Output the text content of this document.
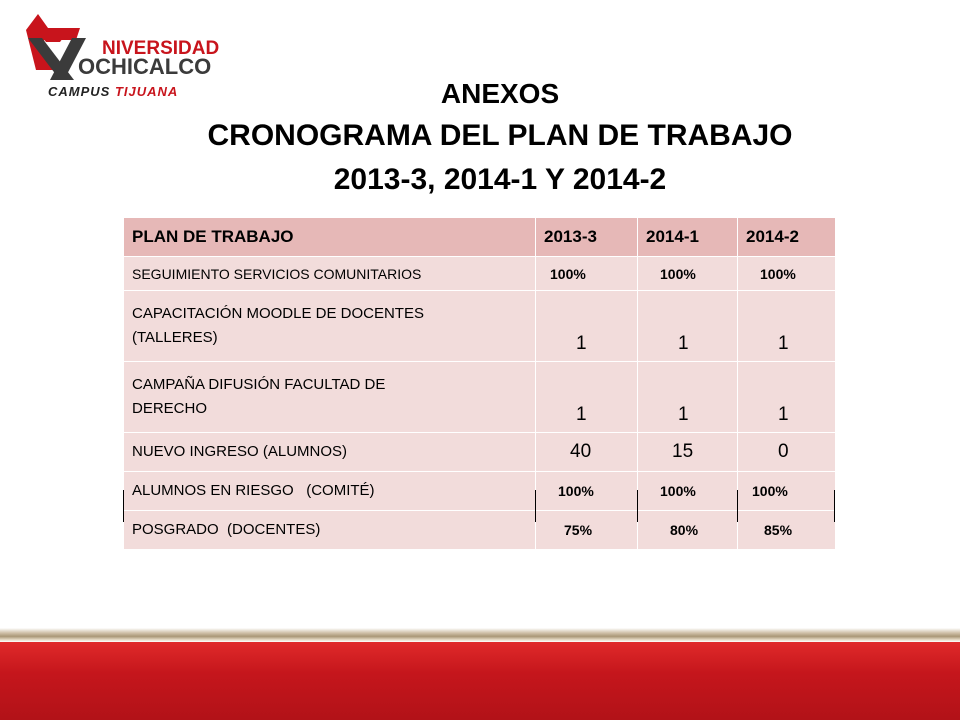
NIVERSIDAD
OCHICALCO
CAMPUS TIJUANA	ANEXOS
CRONOGRAMA DEL PLAN DE TRABAJO
2013-3, 2014-1 Y 2014-2
PLAN DE TRABAJO	2013-3	2014-1	2014-2
SEGUIMIENTO SERVICIOS COMUNITARIOS	100%	100%	100%
CAPACITACIÓN MOODLE DE DOCENTES (TALLERES)	1	1	1
CAMPAÑA DIFUSIÓN FACULTAD DE DERECHO	1	1	1
NUEVO INGRESO (ALUMNOS)	40	15	0
ALUMNOS EN RIESGO   (COMITÉ)	100%	100%	100%
POSGRADO  (DOCENTES)	75%	80%	85%
